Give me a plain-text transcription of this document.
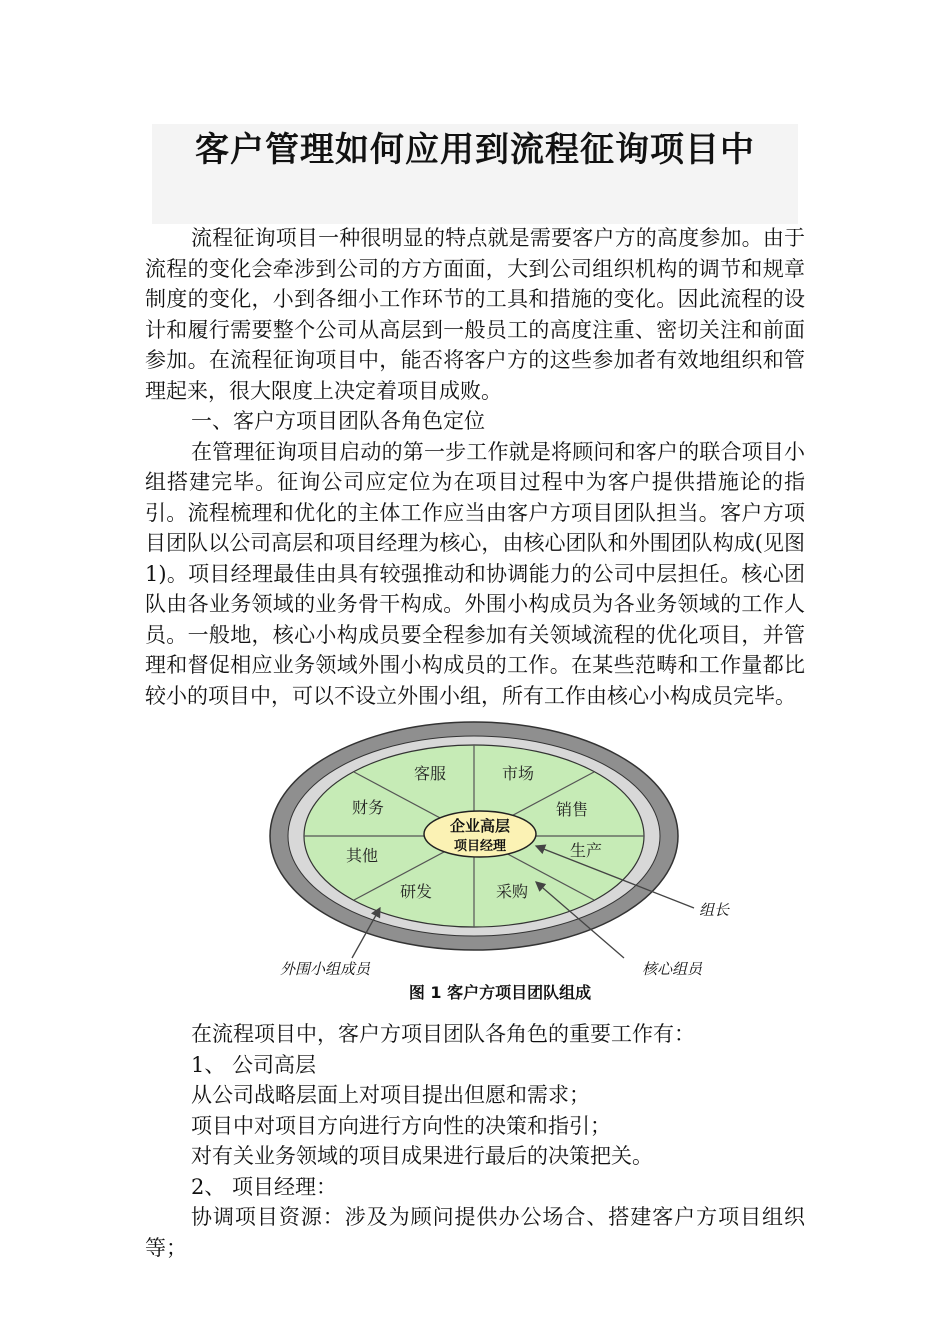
客户管理如何应用到流程征询项目中

流程征询项目一种很明显的特点就是需要客户方的高度参加。由于流程的变化会牵涉到公司的方方面面，大到公司组织机构的调节和规章制度的变化，小到各细小工作环节的工具和措施的变化。因此流程的设计和履行需要整个公司从高层到一般员工的高度注重、密切关注和前面参加。在流程征询项目中，能否将客户方的这些参加者有效地组织和管理起来，很大限度上决定着项目成败。

一、客户方项目团队各角色定位

在管理征询项目启动的第一步工作就是将顾问和客户的联合项目小组搭建完毕。征询公司应定位为在项目过程中为客户提供措施论的指引。流程梳理和优化的主体工作应当由客户方项目团队担当。客户方项目团队以公司高层和项目经理为核心，由核心团队和外围团队构成(见图1)。项目经理最佳由具有较强推动和协调能力的公司中层担任。核心团队由各业务领域的业务骨干构成。外围小构成员为各业务领域的工作人员。一般地，核心小构成员要全程参加有关领域流程的优化项目，并管理和督促相应业务领域外围小构成员的工作。在某些范畴和工作量都比较小的项目中，可以不设立外围小组，所有工作由核心小构成员完毕。

企业高层
项目经理
客服	市场
销售
生产
采购
研发
其他
财务
组长
外围小组成员	核心组员
图 1 客户方项目团队组成

在流程项目中，客户方项目团队各角色的重要工作有：

1、 公司高层

从公司战略层面上对项目提出但愿和需求；

项目中对项目方向进行方向性的决策和指引；

对有关业务领域的项目成果进行最后的决策把关。

2、 项目经理：

协调项目资源：涉及为顾问提供办公场合、搭建客户方项目组织等；
